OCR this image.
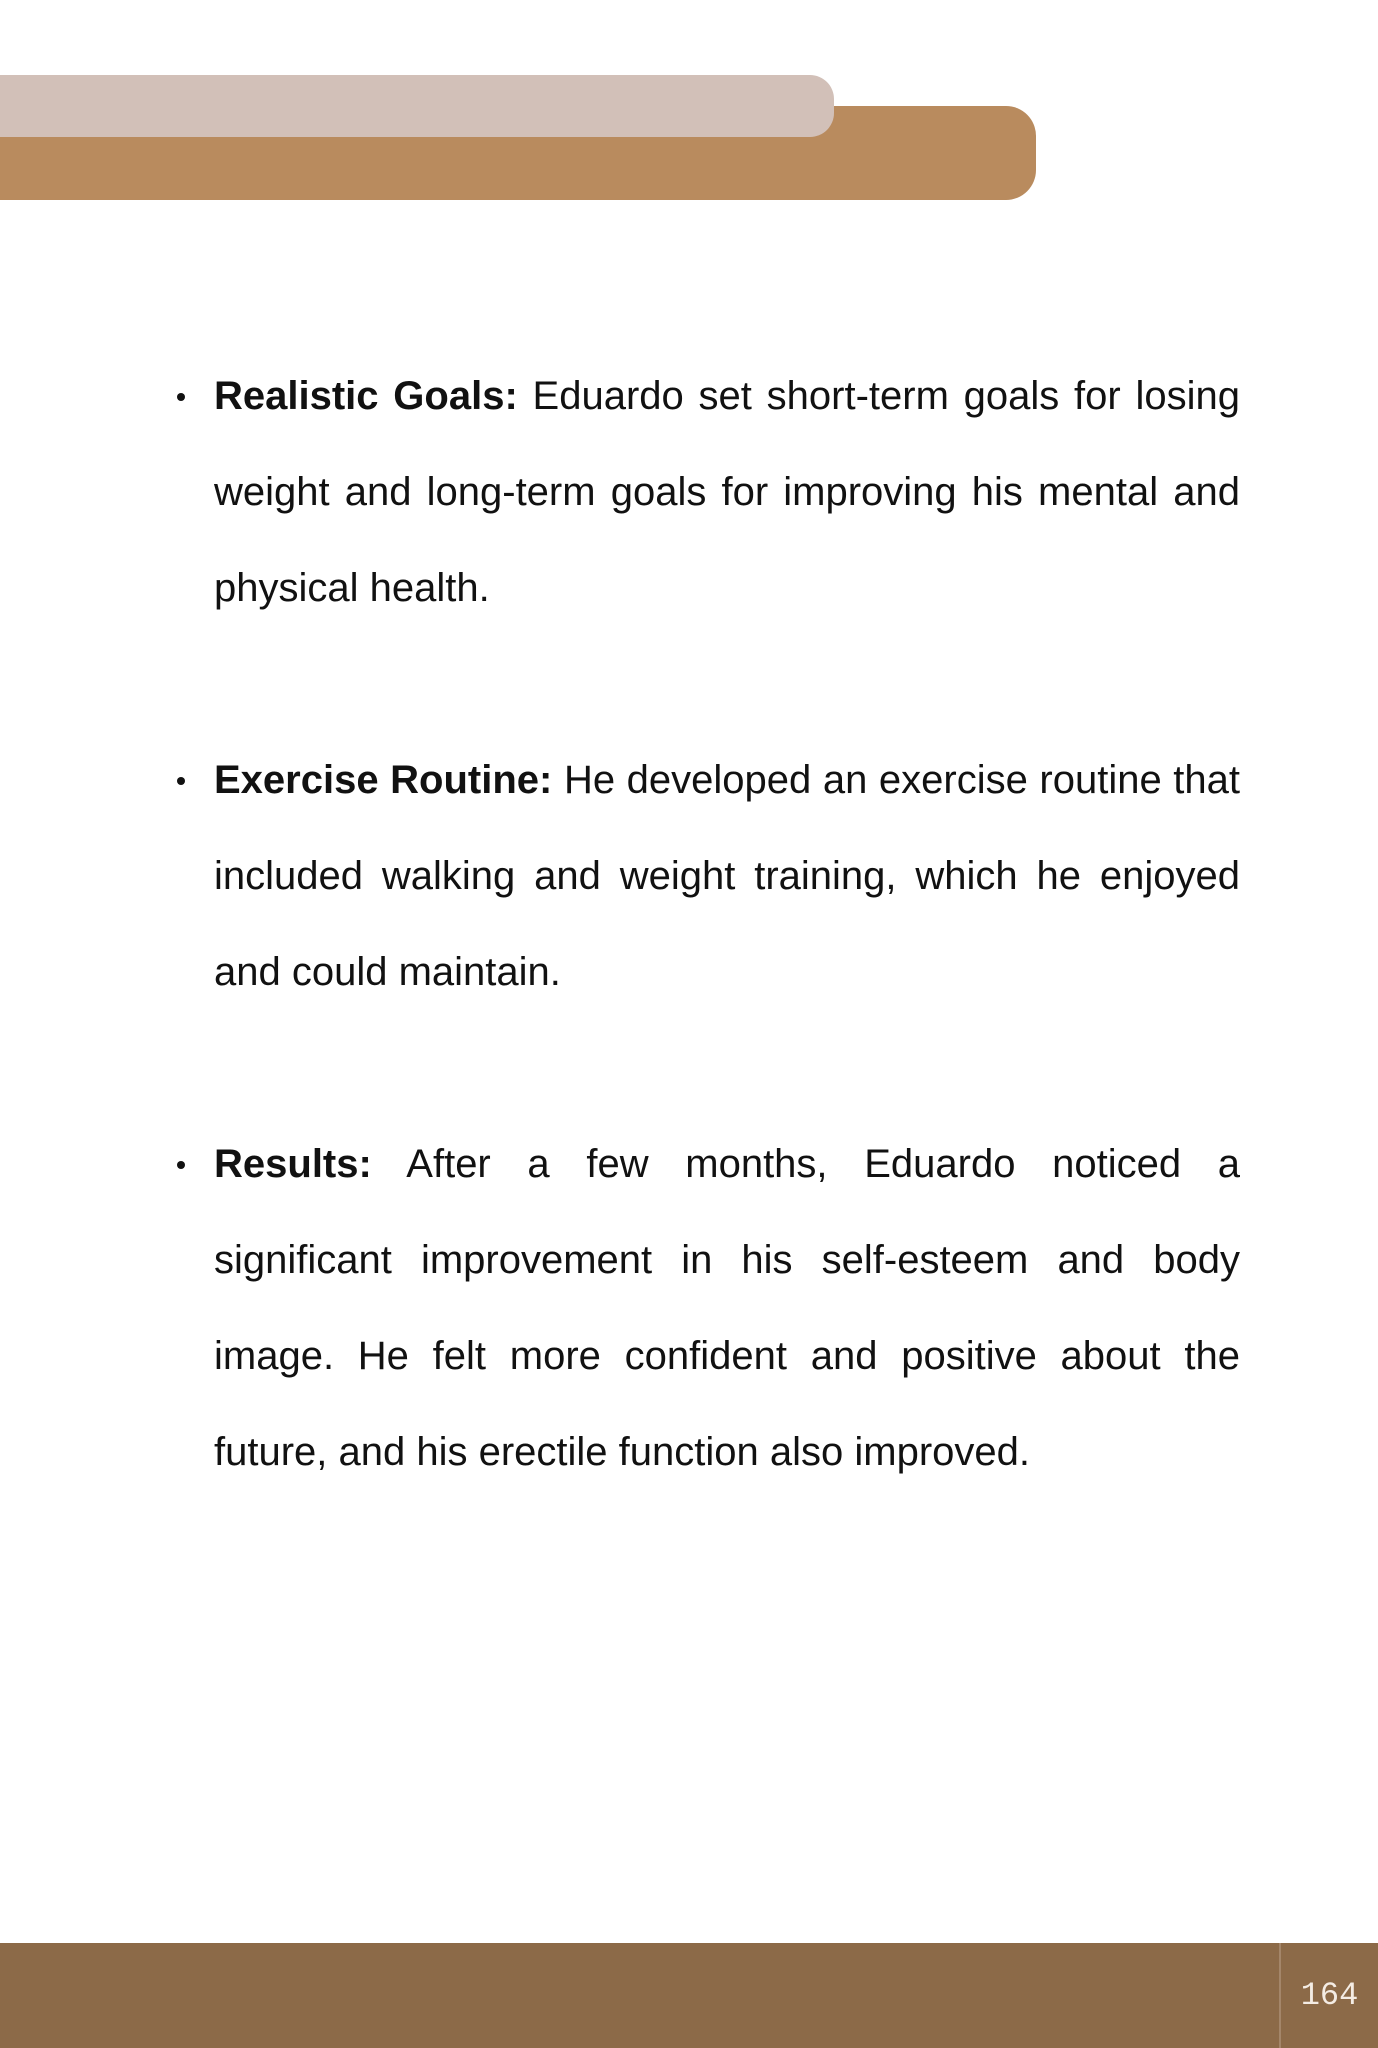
Realistic Goals: Eduardo set short-term goals for losing weight and long-term goals for improving his mental and physical health.
Exercise Routine: He developed an exercise routine that included walking and weight training, which he enjoyed and could maintain.
Results: After a few months, Eduardo noticed a significant improvement in his self-esteem and body image. He felt more confident and positive about the future, and his erectile function also improved.
164
